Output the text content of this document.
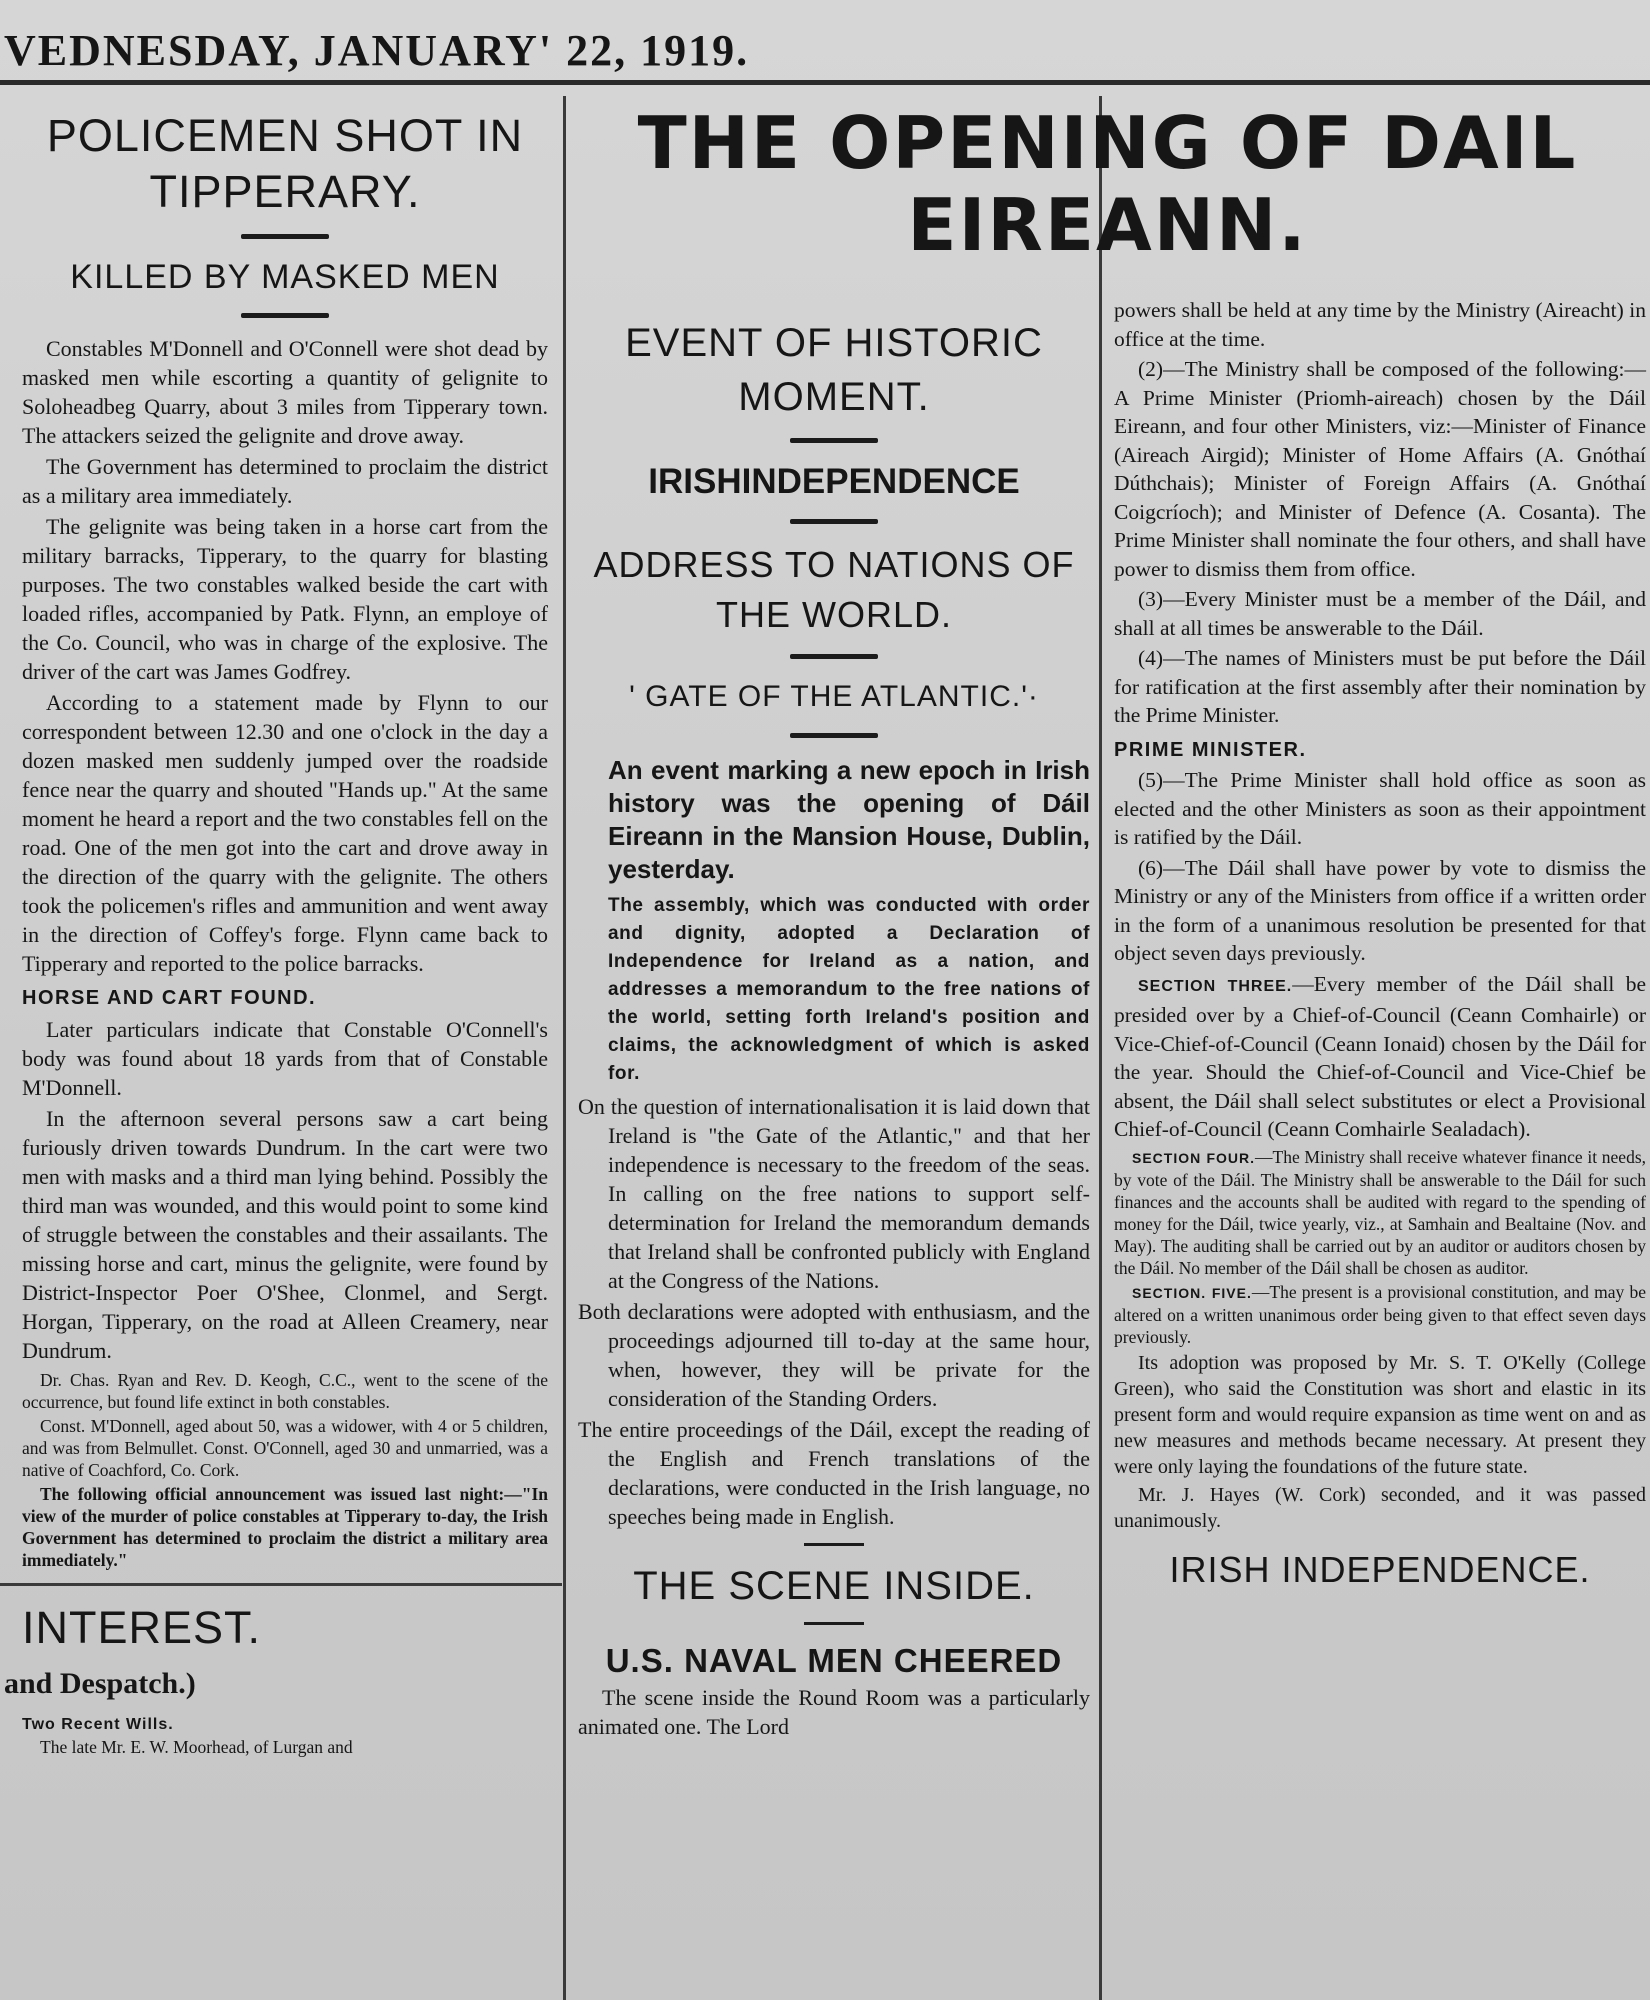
VEDNESDAY, JANUARY' 22, 1919.
POLICEMEN SHOT IN TIPPERARY.
KILLED BY MASKED MEN

Constables M'Donnell and O'Connell were shot dead by masked men while escorting a quantity of gelignite to Soloheadbeg Quarry, about 3 miles from Tipperary town. The attackers seized the gelignite and drove away.

The Government has determined to proclaim the district as a military area immediately.

The gelignite was being taken in a horse cart from the military barracks, Tipperary, to the quarry for blasting purposes. The two constables walked beside the cart with loaded rifles, accompanied by Patk. Flynn, an employe of the Co. Council, who was in charge of the explosive. The driver of the cart was James Godfrey.

According to a statement made by Flynn to our correspondent between 12.30 and one o'clock in the day a dozen masked men suddenly jumped over the roadside fence near the quarry and shouted "Hands up." At the same moment he heard a report and the two constables fell on the road. One of the men got into the cart and drove away in the direction of the quarry with the gelignite. The others took the policemen's rifles and ammunition and went away in the direction of Coffey's forge. Flynn came back to Tipperary and reported to the police barracks.

HORSE AND CART FOUND.

Later particulars indicate that Constable O'Connell's body was found about 18 yards from that of Constable M'Donnell.

In the afternoon several persons saw a cart being furiously driven towards Dundrum. In the cart were two men with masks and a third man lying behind. Possibly the third man was wounded, and this would point to some kind of struggle between the constables and their assailants. The missing horse and cart, minus the gelignite, were found by District-Inspector Poer O'Shee, Clonmel, and Sergt. Horgan, Tipperary, on the road at Alleen Creamery, near Dundrum.

Dr. Chas. Ryan and Rev. D. Keogh, C.C., went to the scene of the occurrence, but found life extinct in both constables.

Const. M'Donnell, aged about 50, was a widower, with 4 or 5 children, and was from Belmullet. Const. O'Connell, aged 30 and unmarried, was a native of Coachford, Co. Cork.

The following official announcement was issued last night:—"In view of the murder of police constables at Tipperary to-day, the Irish Government has determined to proclaim the district a military area immediately."

INTEREST.
and Despatch.)
Two Recent Wills.

The late Mr. E. W. Moorhead, of Lurgan and

THE OPENING OF DAIL EIREANN.
EVENT OF HISTORIC MOMENT.
IRISHINDEPENDENCE
ADDRESS TO NATIONS OF THE WORLD.
' GATE OF THE ATLANTIC.'·

An event marking a new epoch in Irish history was the opening of Dáil Eireann in the Mansion House, Dublin, yesterday.

The assembly, which was conducted with order and dignity, adopted a Declaration of Independence for Ireland as a nation, and addresses a memorandum to the free nations of the world, setting forth Ireland's position and claims, the acknowledgment of which is asked for.

On the question of internationalisation it is laid down that Ireland is "the Gate of the Atlantic," and that her independence is necessary to the freedom of the seas. In calling on the free nations to support self-determination for Ireland the memorandum demands that Ireland shall be confronted publicly with England at the Congress of the Nations.

Both declarations were adopted with enthusiasm, and the proceedings adjourned till to-day at the same hour, when, however, they will be private for the consideration of the Standing Orders.

The entire proceedings of the Dáil, except the reading of the English and French translations of the declarations, were conducted in the Irish language, no speeches being made in English.

THE SCENE INSIDE.
U.S. NAVAL MEN CHEERED

The scene inside the Round Room was a particularly animated one. The Lord

powers shall be held at any time by the Ministry (Aireacht) in office at the time.

(2)—The Ministry shall be composed of the following:—A Prime Minister (Priomh-aireach) chosen by the Dáil Eireann, and four other Ministers, viz:—Minister of Finance (Aireach Airgid); Minister of Home Affairs (A. Gnóthaí Dúthchais); Minister of Foreign Affairs (A. Gnóthaí Coigcríoch); and Minister of Defence (A. Cosanta). The Prime Minister shall nominate the four others, and shall have power to dismiss them from office.

(3)—Every Minister must be a member of the Dáil, and shall at all times be answerable to the Dáil.

(4)—The names of Ministers must be put before the Dáil for ratification at the first assembly after their nomination by the Prime Minister.

PRIME MINISTER.

(5)—The Prime Minister shall hold office as soon as elected and the other Ministers as soon as their appointment is ratified by the Dáil.

(6)—The Dáil shall have power by vote to dismiss the Ministry or any of the Ministers from office if a written order in the form of a unanimous resolution be presented for that object seven days previously.

SECTION THREE.—Every member of the Dáil shall be presided over by a Chief-of-Council (Ceann Comhairle) or Vice-Chief-of-Council (Ceann Ionaid) chosen by the Dáil for the year. Should the Chief-of-Council and Vice-Chief be absent, the Dáil shall select substitutes or elect a Provisional Chief-of-Council (Ceann Comhairle Sealadach).

SECTION FOUR.—The Ministry shall receive whatever finance it needs, by vote of the Dáil. The Ministry shall be answerable to the Dáil for such finances and the accounts shall be audited with regard to the spending of money for the Dáil, twice yearly, viz., at Samhain and Bealtaine (Nov. and May). The auditing shall be carried out by an auditor or auditors chosen by the Dáil. No member of the Dáil shall be chosen as auditor.

SECTION. FIVE.—The present is a provisional constitution, and may be altered on a written unanimous order being given to that effect seven days previously.

Its adoption was proposed by Mr. S. T. O'Kelly (College Green), who said the Constitution was short and elastic in its present form and would require expansion as time went on and as new measures and methods became necessary. At present they were only laying the foundations of the future state.

Mr. J. Hayes (W. Cork) seconded, and it was passed unanimously.

IRISH INDEPENDENCE.
